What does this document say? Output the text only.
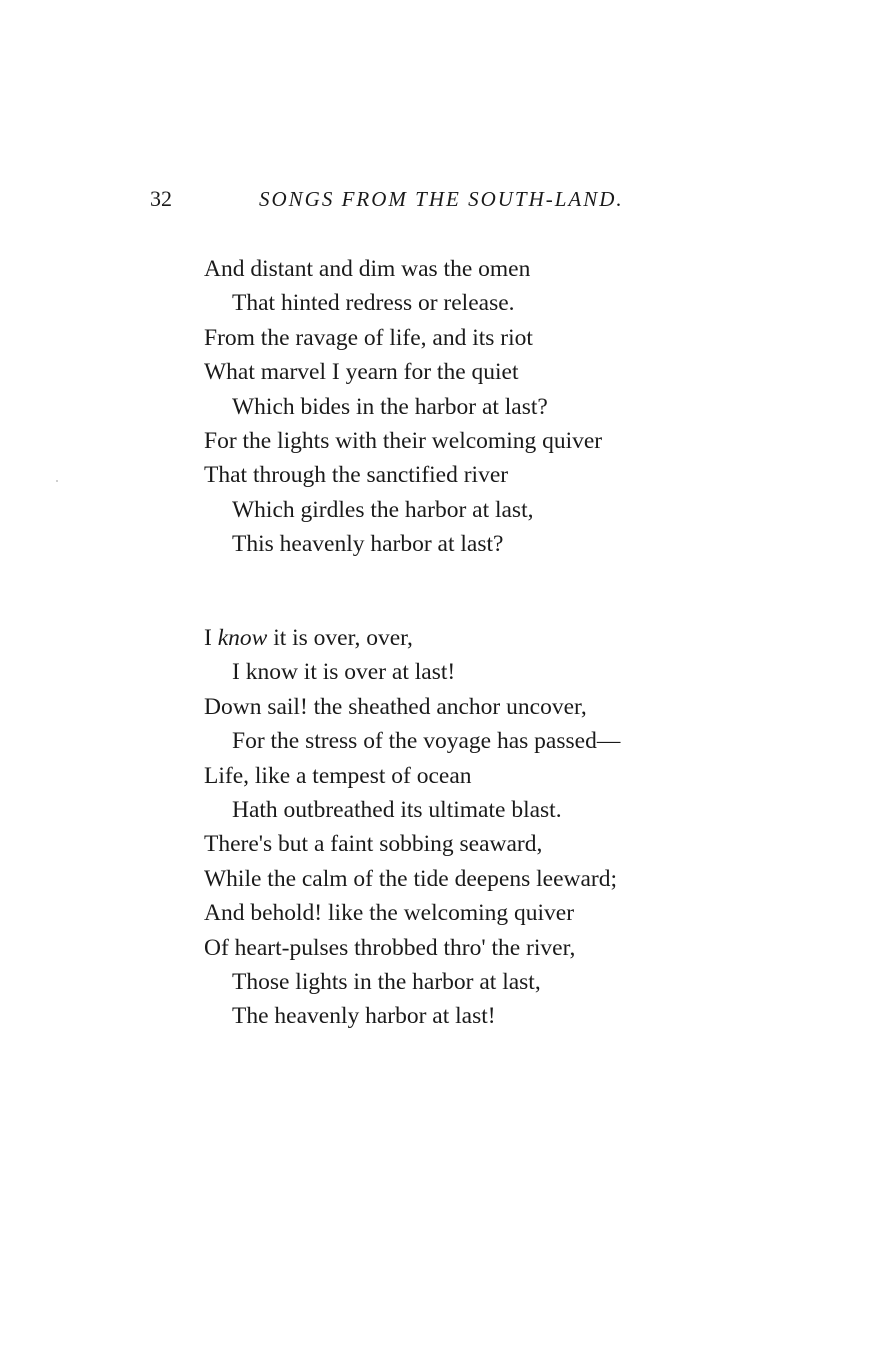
32	SONGS FROM THE SOUTH-LAND.
And distant and dim was the omen
That hinted redress or release.
From the ravage of life, and its riot
What marvel I yearn for the quiet
Which bides in the harbor at last?
For the lights with their welcoming quiver
That through the sanctified river
Which girdles the harbor at last,
This heavenly harbor at last?
I know it is over, over,
I know it is over at last!
Down sail! the sheathed anchor uncover,
For the stress of the voyage has passed—
Life, like a tempest of ocean
Hath outbreathed its ultimate blast.
There's but a faint sobbing seaward,
While the calm of the tide deepens leeward;
And behold! like the welcoming quiver
Of heart-pulses throbbed thro' the river,
Those lights in the harbor at last,
The heavenly harbor at last!
